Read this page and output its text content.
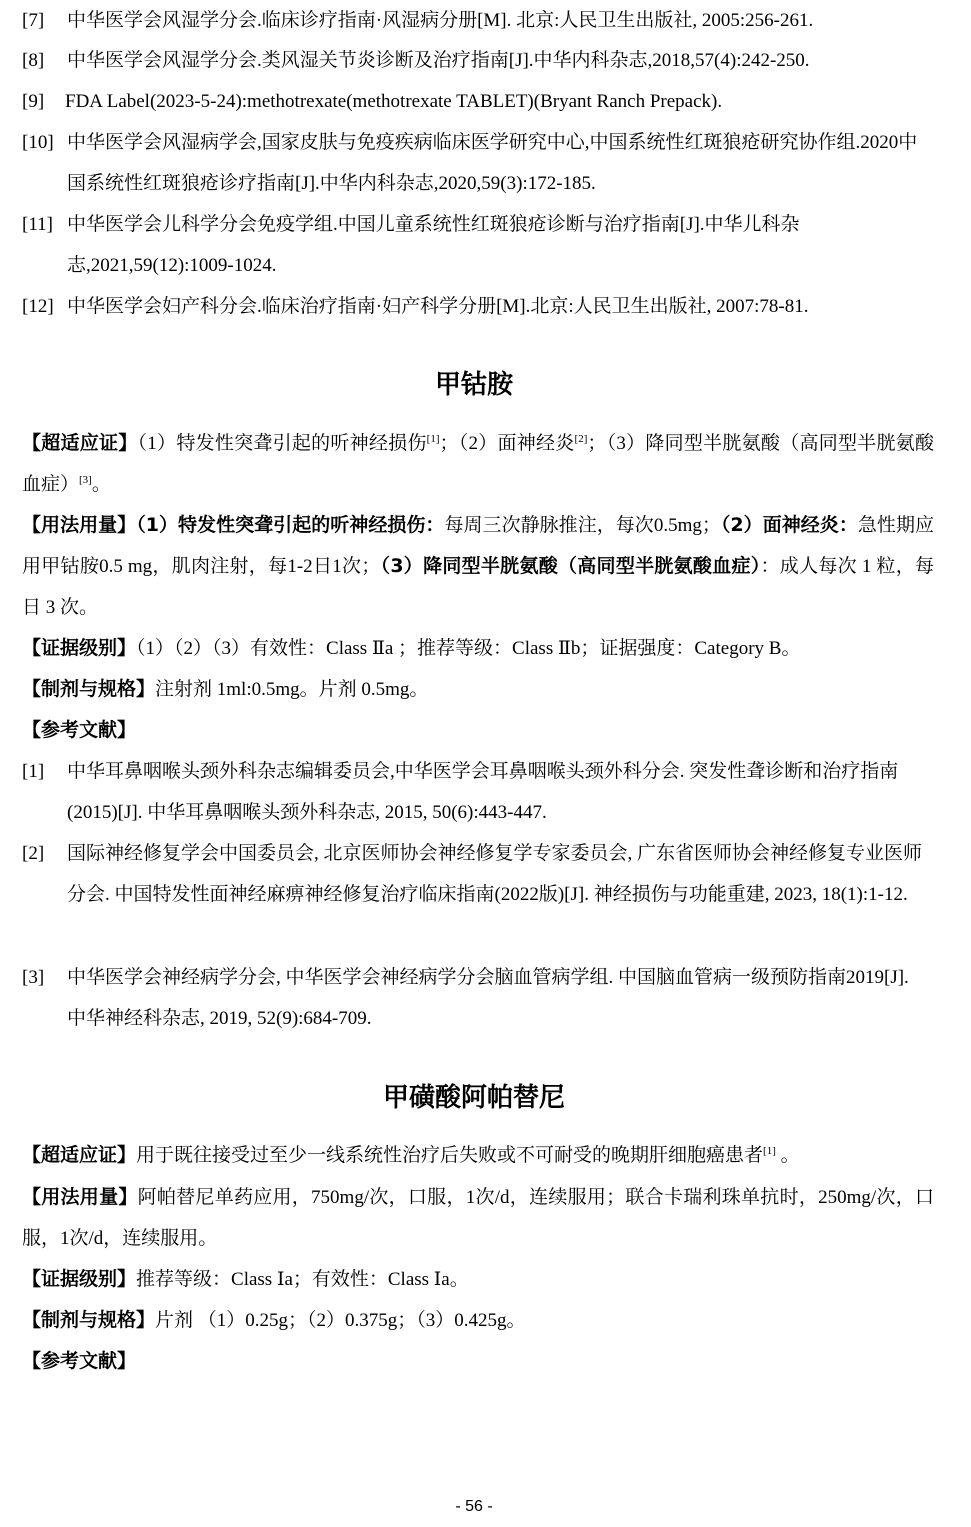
[7]	中华医学会风湿学分会.临床诊疗指南·风湿病分册[M]. 北京:人民卫生出版社, 2005:256-261.
[8]	中华医学会风湿学分会.类风湿关节炎诊断及治疗指南[J].中华内科杂志,2018,57(4):242-250.
[9]	FDA Label(2023-5-24):methotrexate(methotrexate TABLET)(Bryant Ranch Prepack).
[10] 中华医学会风湿病学会,国家皮肤与免疫疾病临床医学研究中心,中国系统性红斑狼疮研究协作组.2020中国系统性红斑狼疮诊疗指南[J].中华内科杂志,2020,59(3):172-185.
[11] 中华医学会儿科学分会免疫学组.中国儿童系统性红斑狼疮诊断与治疗指南[J].中华儿科杂志,2021,59(12):1009-1024.
[12] 中华医学会妇产科分会.临床治疗指南·妇产科学分册[M].北京:人民卫生出版社, 2007:78-81.
甲钴胺
【超适应证】（1）特发性突聋引起的听神经损伤[1]；（2）面神经炎[2]；（3）降同型半胱氨酸（高同型半胱氨酸血症）[3]。
【用法用量】（1）特发性突聋引起的听神经损伤：每周三次静脉推注，每次0.5mg；（2）面神经炎：急性期应用甲钴胺0.5 mg，肌肉注射，每1-2日1次；（3）降同型半胱氨酸（高同型半胱氨酸血症）：成人每次 1 粒，每日 3 次。
【证据级别】（1）（2）（3）有效性：Class Ⅱa ；推荐等级：Class Ⅱb；证据强度：Category B。
【制剂与规格】注射剂 1ml:0.5mg。片剂 0.5mg。
【参考文献】
[1]	中华耳鼻咽喉头颈外科杂志编辑委员会,中华医学会耳鼻咽喉头颈外科分会. 突发性聋诊断和治疗指南(2015)[J]. 中华耳鼻咽喉头颈外科杂志, 2015, 50(6):443-447.
[2]	国际神经修复学会中国委员会, 北京医师协会神经修复学专家委员会, 广东省医师协会神经修复专业医师分会. 中国特发性面神经麻痹神经修复治疗临床指南(2022版)[J]. 神经损伤与功能重建, 2023, 18(1):1-12.
[3]	中华医学会神经病学分会, 中华医学会神经病学分会脑血管病学组. 中国脑血管病一级预防指南2019[J]. 中华神经科杂志, 2019, 52(9):684-709.
甲磺酸阿帕替尼
【超适应证】用于既往接受过至少一线系统性治疗后失败或不可耐受的晚期肝细胞癌患者[1] 。
【用法用量】阿帕替尼单药应用，750mg/次，口服，1次/d，连续服用；联合卡瑞利珠单抗时，250mg/次，口服，1次/d，连续服用。
【证据级别】推荐等级：Class Ⅰa；有效性：Class Ⅰa。
【制剂与规格】片剂 （1）0.25g；（2）0.375g；（3）0.425g。
【参考文献】
- 56 -
